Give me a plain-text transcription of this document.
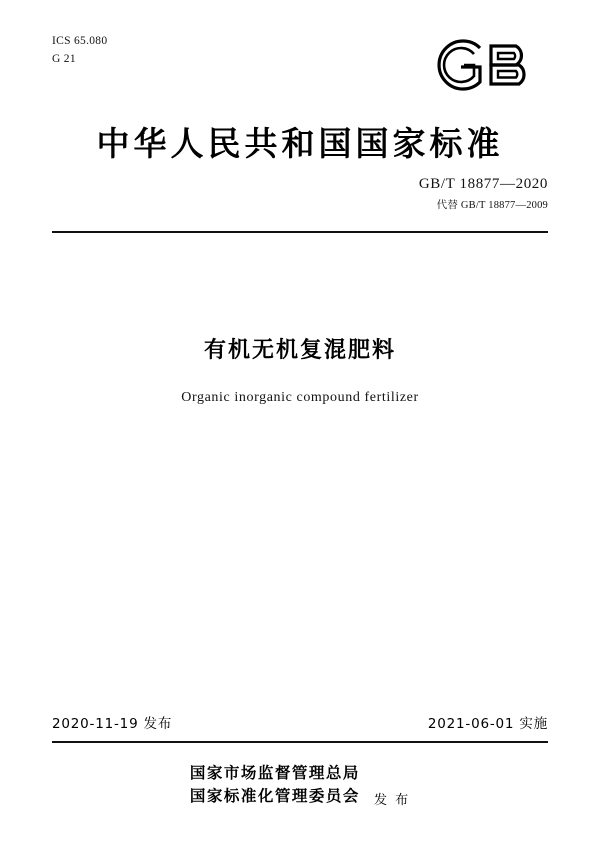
ICS 65.080
G 21
中华人民共和国国家标准
GB/T 18877—2020
代替 GB/T 18877—2009
有机无机复混肥料
Organic inorganic compound fertilizer
2020-11-19 发布	2021-06-01 实施
国家市场监督管理总局
国家标准化管理委员会 发 布
